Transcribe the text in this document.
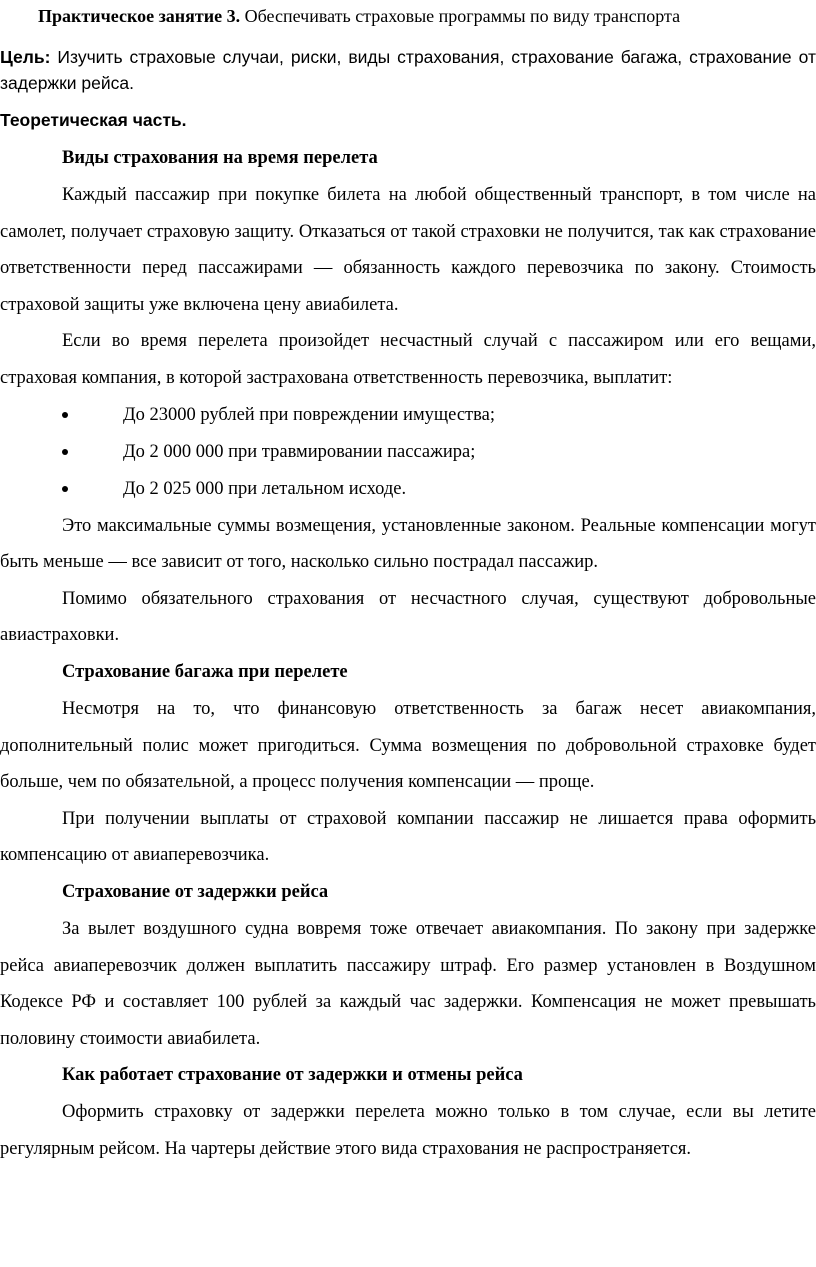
Практическое занятие 3. Обеспечивать страховые программы по виду транспорта
Цель: Изучить страховые случаи, риски, виды страхования, страхование багажа, страхование от задержки рейса.
Теоретическая часть.
Виды страхования на время перелета

Каждый пассажир при покупке билета на любой общественный транспорт, в том числе на самолет, получает страховую защиту. Отказаться от такой страховки не получится, так как страхование ответственности перед пассажирами — обязанность каждого перевозчика по закону. Стоимость страховой защиты уже включена цену авиабилета.

Если во время перелета произойдет несчастный случай с пассажиром или его вещами, страховая компания, в которой застрахована ответственность перевозчика, выплатит:

До 23000 рублей при повреждении имущества;
До 2 000 000 при травмировании пассажира;
До 2 025 000 при летальном исходе.

Это максимальные суммы возмещения, установленные законом. Реальные компенсации могут быть меньше — все зависит от того, насколько сильно пострадал пассажир.

Помимо обязательного страхования от несчастного случая, существуют добровольные авиастраховки.

Страхование багажа при перелете

Несмотря на то, что финансовую ответственность за багаж несет авиакомпания, дополнительный полис может пригодиться. Сумма возмещения по добровольной страховке будет больше, чем по обязательной, а процесс получения компенсации — проще.

При получении выплаты от страховой компании пассажир не лишается права оформить компенсацию от авиаперевозчика.

Страхование от задержки рейса

За вылет воздушного судна вовремя тоже отвечает авиакомпания. По закону при задержке рейса авиаперевозчик должен выплатить пассажиру штраф. Его размер установлен в Воздушном Кодексе РФ и составляет 100 рублей за каждый час задержки. Компенсация не может превышать половину стоимости авиабилета.

Как работает страхование от задержки и отмены рейса

Оформить страховку от задержки перелета можно только в том случае, если вы летите регулярным рейсом. На чартеры действие этого вида страхования не распространяется.
